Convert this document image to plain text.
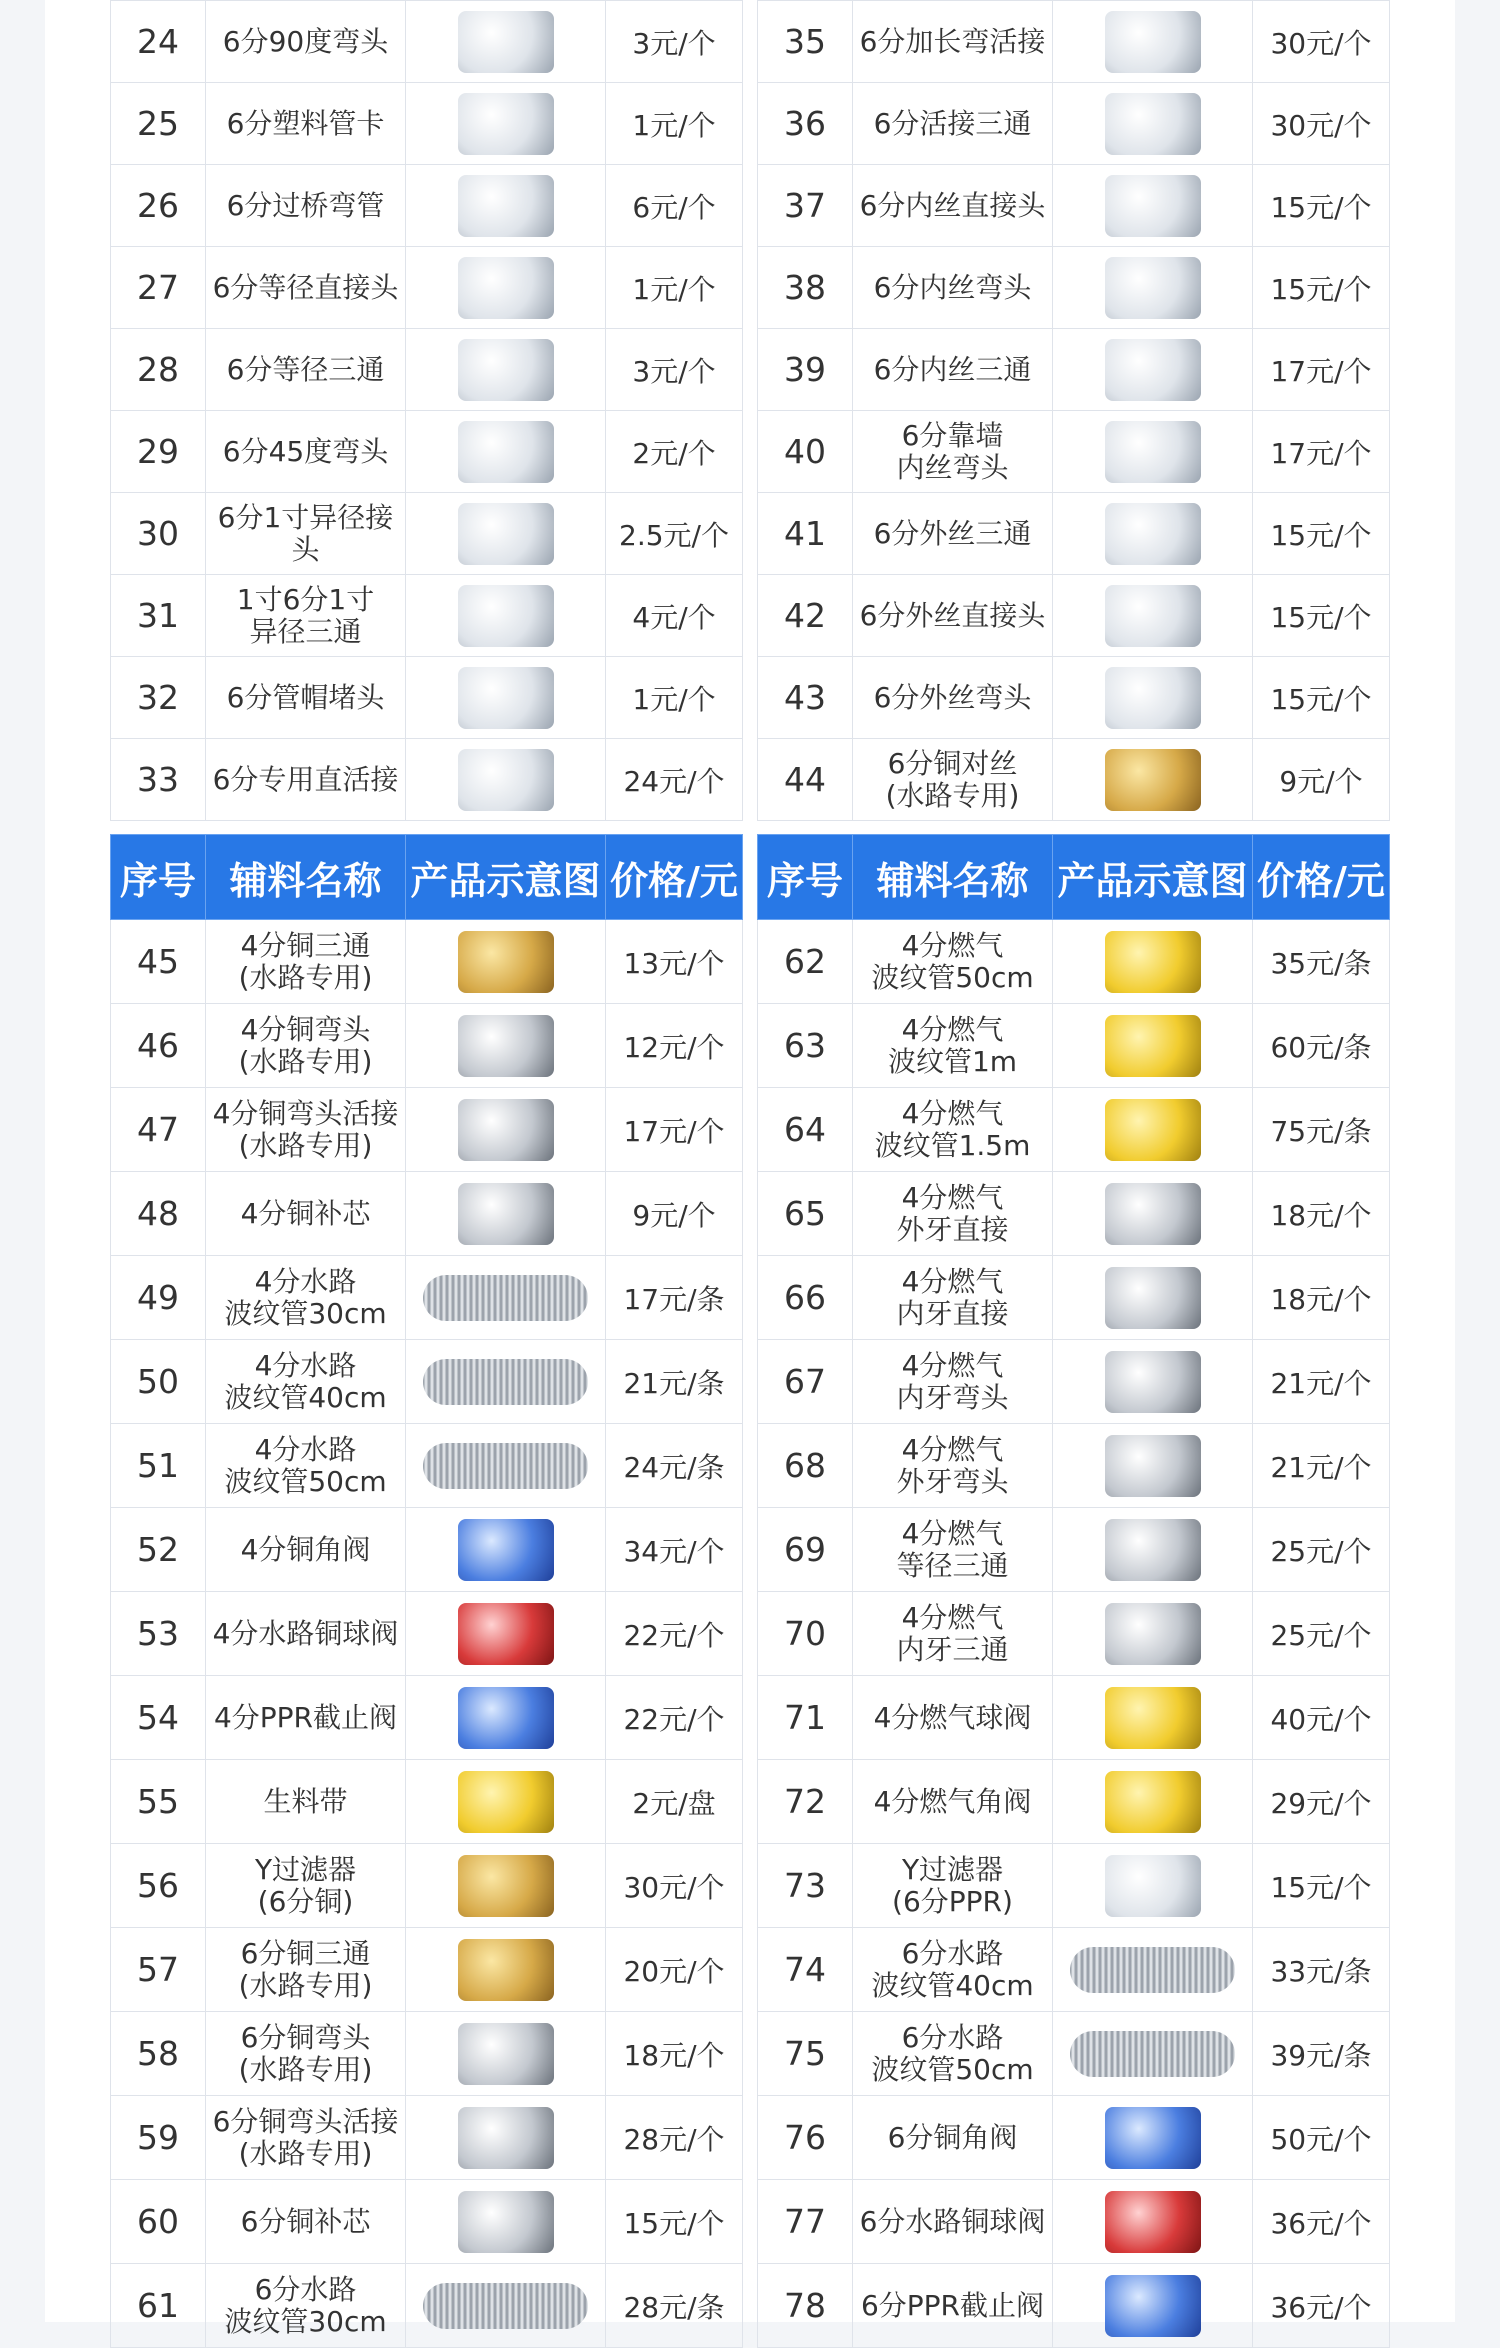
24	6分90度弯头		3元/个
25	6分塑料管卡		1元/个
26	6分过桥弯管		6元/个
27	6分等径直接头		1元/个
28	6分等径三通		3元/个
29	6分45度弯头		2元/个
30	6分1寸异径接头		2.5元/个
31	1寸6分1寸
异径三通		4元/个
32	6分管帽堵头		1元/个
33	6分专用直活接		24元/个
35	6分加长弯活接		30元/个
36	6分活接三通		30元/个
37	6分内丝直接头		15元/个
38	6分内丝弯头		15元/个
39	6分内丝三通		17元/个
40	6分靠墙
内丝弯头		17元/个
41	6分外丝三通		15元/个
42	6分外丝直接头		15元/个
43	6分外丝弯头		15元/个
44	6分铜对丝
(水路专用)		9元/个
序号	辅料名称	产品示意图	价格/元
45	4分铜三通
(水路专用)		13元/个
46	4分铜弯头
(水路专用)		12元/个
47	4分铜弯头活接
(水路专用)		17元/个
48	4分铜补芯		9元/个
49	4分水路
波纹管30cm		17元/条
50	4分水路
波纹管40cm		21元/条
51	4分水路
波纹管50cm		24元/条
52	4分铜角阀		34元/个
53	4分水路铜球阀		22元/个
54	4分PPR截止阀		22元/个
55	生料带		2元/盘
56	Y过滤器
(6分铜)		30元/个
57	6分铜三通
(水路专用)		20元/个
58	6分铜弯头
(水路专用)		18元/个
59	6分铜弯头活接
(水路专用)		28元/个
60	6分铜补芯		15元/个
61	6分水路
波纹管30cm		28元/条
序号	辅料名称	产品示意图	价格/元
62	4分燃气
波纹管50cm		35元/条
63	4分燃气
波纹管1m		60元/条
64	4分燃气
波纹管1.5m		75元/条
65	4分燃气
外牙直接		18元/个
66	4分燃气
内牙直接		18元/个
67	4分燃气
内牙弯头		21元/个
68	4分燃气
外牙弯头		21元/个
69	4分燃气
等径三通		25元/个
70	4分燃气
内牙三通		25元/个
71	4分燃气球阀		40元/个
72	4分燃气角阀		29元/个
73	Y过滤器
(6分PPR)		15元/个
74	6分水路
波纹管40cm		33元/条
75	6分水路
波纹管50cm		39元/条
76	6分铜角阀		50元/个
77	6分水路铜球阀		36元/个
78	6分PPR截止阀		36元/个
